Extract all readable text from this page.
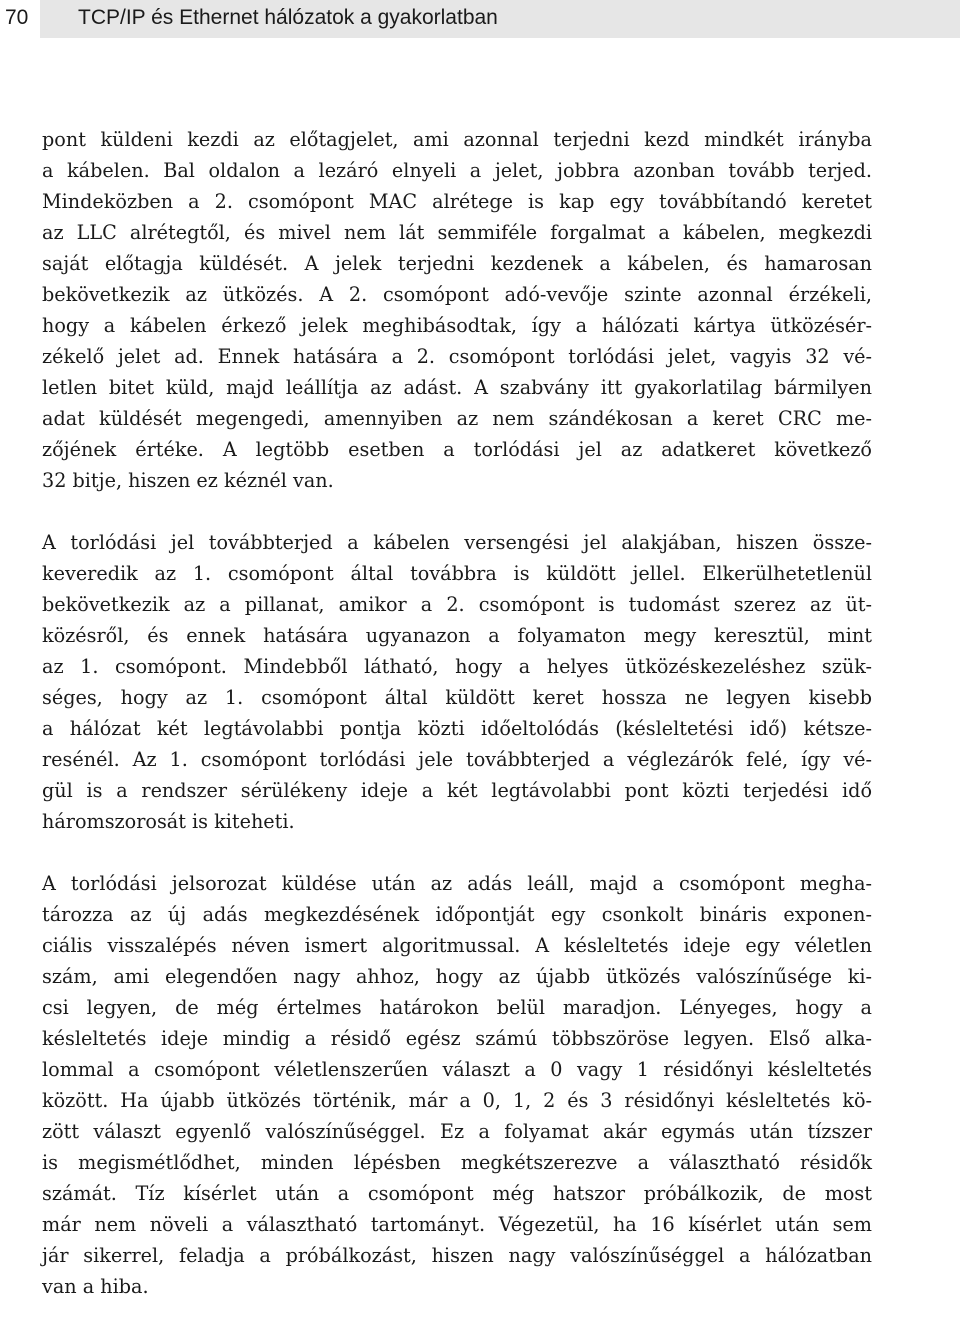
70 TCP/IP és Ethernet hálózatok a gyakorlatban
pont küldeni kezdi az előtagjelet, ami azonnal terjedni kezd mindkét irányba
a kábelen. Bal oldalon a lezáró elnyeli a jelet, jobbra azonban tovább terjed.
Mindeközben a 2. csomópont MAC alrétege is kap egy továbbítandó keretet
az LLC alrétegtől, és mivel nem lát semmiféle forgalmat a kábelen, megkezdi
saját előtagja küldését. A jelek terjedni kezdenek a kábelen, és hamarosan
bekövetkezik az ütközés. A 2. csomópont adó-vevője szinte azonnal érzékeli,
hogy a kábelen érkező jelek meghibásodtak, így a hálózati kártya ütközésér-
zékelő jelet ad. Ennek hatására a 2. csomópont torlódási jelet, vagyis 32 vé-
letlen bitet küld, majd leállítja az adást. A szabvány itt gyakorlatilag bármilyen
adat küldését megengedi, amennyiben az nem szándékosan a keret CRC me-
zőjének értéke. A legtöbb esetben a torlódási jel az adatkeret következő
32 bitje, hiszen ez kéznél van.
A torlódási jel továbbterjed a kábelen versengési jel alakjában, hiszen össze-
keveredik az 1. csomópont által továbbra is küldött jellel. Elkerülhetetlenül
bekövetkezik az a pillanat, amikor a 2. csomópont is tudomást szerez az üt-
közésről, és ennek hatására ugyanazon a folyamaton megy keresztül, mint
az 1. csomópont. Mindebből látható, hogy a helyes ütközéskezeléshez szük-
séges, hogy az 1. csomópont által küldött keret hossza ne legyen kisebb
a hálózat két legtávolabbi pontja közti időeltolódás (késleltetési idő) kétsze-
resénél. Az 1. csomópont torlódási jele továbbterjed a véglezárók felé, így vé-
gül is a rendszer sérülékeny ideje a két legtávolabbi pont közti terjedési idő
háromszorosát is kiteheti.
A torlódási jelsorozat küldése után az adás leáll, majd a csomópont megha-
tározza az új adás megkezdésének időpontját egy csonkolt bináris exponen-
ciális visszalépés néven ismert algoritmussal. A késleltetés ideje egy véletlen
szám, ami elegendően nagy ahhoz, hogy az újabb ütközés valószínűsége ki-
csi legyen, de még értelmes határokon belül maradjon. Lényeges, hogy a
késleltetés ideje mindig a résidő egész számú többszöröse legyen. Első alka-
lommal a csomópont véletlenszerűen választ a 0 vagy 1 résidőnyi késleltetés
között. Ha újabb ütközés történik, már a 0, 1, 2 és 3 résidőnyi késleltetés kö-
zött választ egyenlő valószínűséggel. Ez a folyamat akár egymás után tízszer
is megismétlődhet, minden lépésben megkétszerezve a választható résidők
számát. Tíz kísérlet után a csomópont még hatszor próbálkozik, de most
már nem növeli a választható tartományt. Végezetül, ha 16 kísérlet után sem
jár sikerrel, feladja a próbálkozást, hiszen nagy valószínűséggel a hálózatban
van a hiba.
